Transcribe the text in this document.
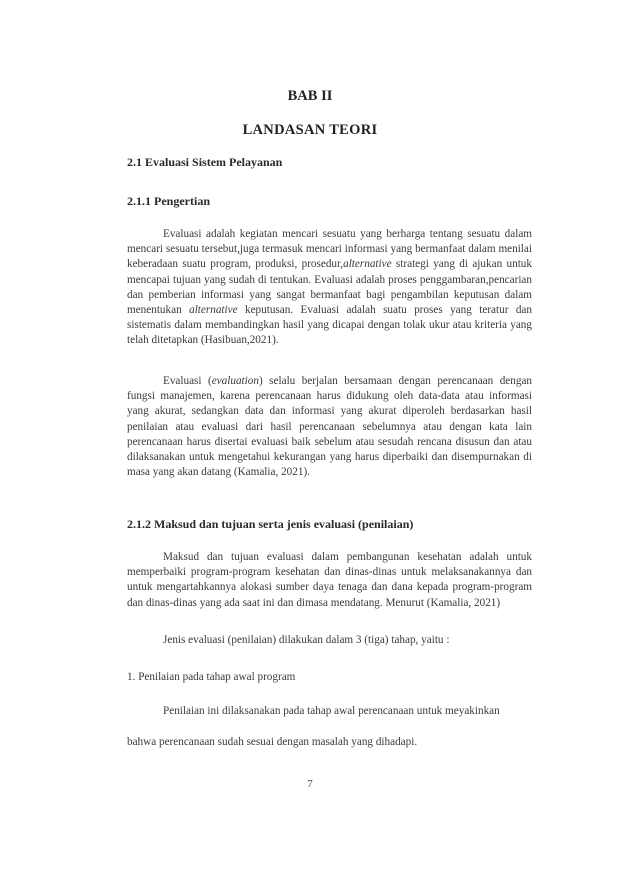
BAB II

LANDASAN TEORI

2.1 Evaluasi Sistem Pelayanan

2.1.1 Pengertian

Evaluasi adalah kegiatan mencari sesuatu yang berharga tentang sesuatu dalam mencari sesuatu tersebut,juga termasuk mencari informasi yang bermanfaat dalam menilai keberadaan suatu program, produksi, prosedur,alternative strategi yang di ajukan untuk mencapai tujuan yang sudah di tentukan. Evaluasi adalah proses penggambaran,pencarian dan pemberian informasi yang sangat bermanfaat bagi pengambilan keputusan dalam menentukan alternative keputusan. Evaluasi adalah suatu proses yang teratur dan sistematis dalam membandingkan hasil yang dicapai dengan tolak ukur atau kriteria yang telah ditetapkan (Hasibuan,2021).

Evaluasi (evaluation) selalu berjalan bersamaan dengan perencanaan dengan fungsi manajemen, karena perencanaan harus didukung oleh data-data atau informasi yang akurat, sedangkan data dan informasi yang akurat diperoleh berdasarkan hasil penilaian atau evaluasi dari hasil perencanaan sebelumnya atau dengan kata lain perencanaan harus disertai evaluasi baik sebelum atau sesudah rencana disusun dan atau dilaksanakan untuk mengetahui kekurangan yang harus diperbaiki dan disempurnakan di masa yang akan datang (Kamalia, 2021).

2.1.2 Maksud dan tujuan serta jenis evaluasi (penilaian)

Maksud dan tujuan evaluasi dalam pembangunan kesehatan adalah untuk memperbaiki program-program kesehatan dan dinas-dinas untuk melaksanakannya dan untuk mengartahkannya alokasi sumber daya tenaga dan dana kepada program-program dan dinas-dinas yang ada saat ini dan dimasa mendatang. Menurut (Kamalia, 2021)

Jenis evaluasi (penilaian) dilakukan dalam 3 (tiga) tahap, yaitu :

1. Penilaian pada tahap awal program

Penilaian ini dilaksanakan pada tahap awal perencanaan untuk meyakinkan

bahwa perencanaan sudah sesuai dengan masalah yang dihadapi.

7
